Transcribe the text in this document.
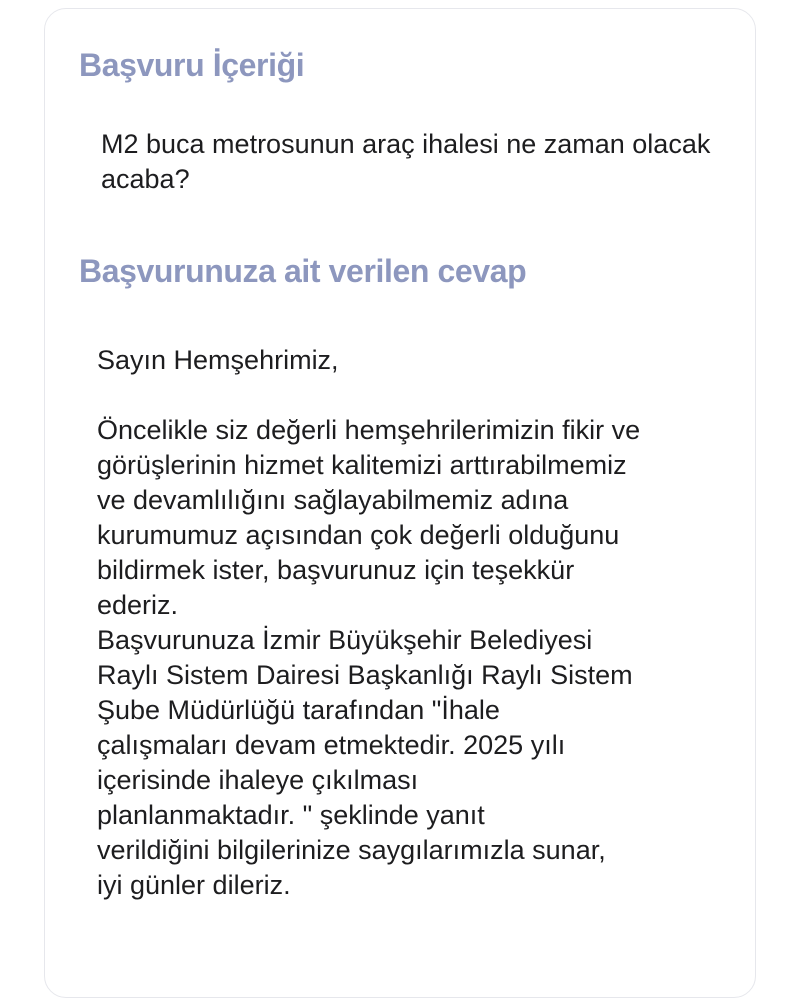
Başvuru İçeriği

M2 buca metrosunun araç ihalesi ne zaman olacak acaba?

Başvurunuza ait verilen cevap

Sayın Hemşehrimiz,

Öncelikle siz değerli hemşehrilerimizin fikir ve
görüşlerinin hizmet kalitemizi arttırabilmemiz
ve devamlılığını sağlayabilmemiz adına
kurumumuz açısından çok değerli olduğunu
bildirmek ister, başvurunuz için teşekkür
ederiz.
Başvurunuza İzmir Büyükşehir Belediyesi
Raylı Sistem Dairesi Başkanlığı Raylı Sistem
Şube Müdürlüğü tarafından "İhale
çalışmaları devam etmektedir. 2025 yılı
içerisinde ihaleye çıkılması
planlanmaktadır. " şeklinde yanıt
verildiğini bilgilerinize saygılarımızla sunar,
iyi günler dileriz.
